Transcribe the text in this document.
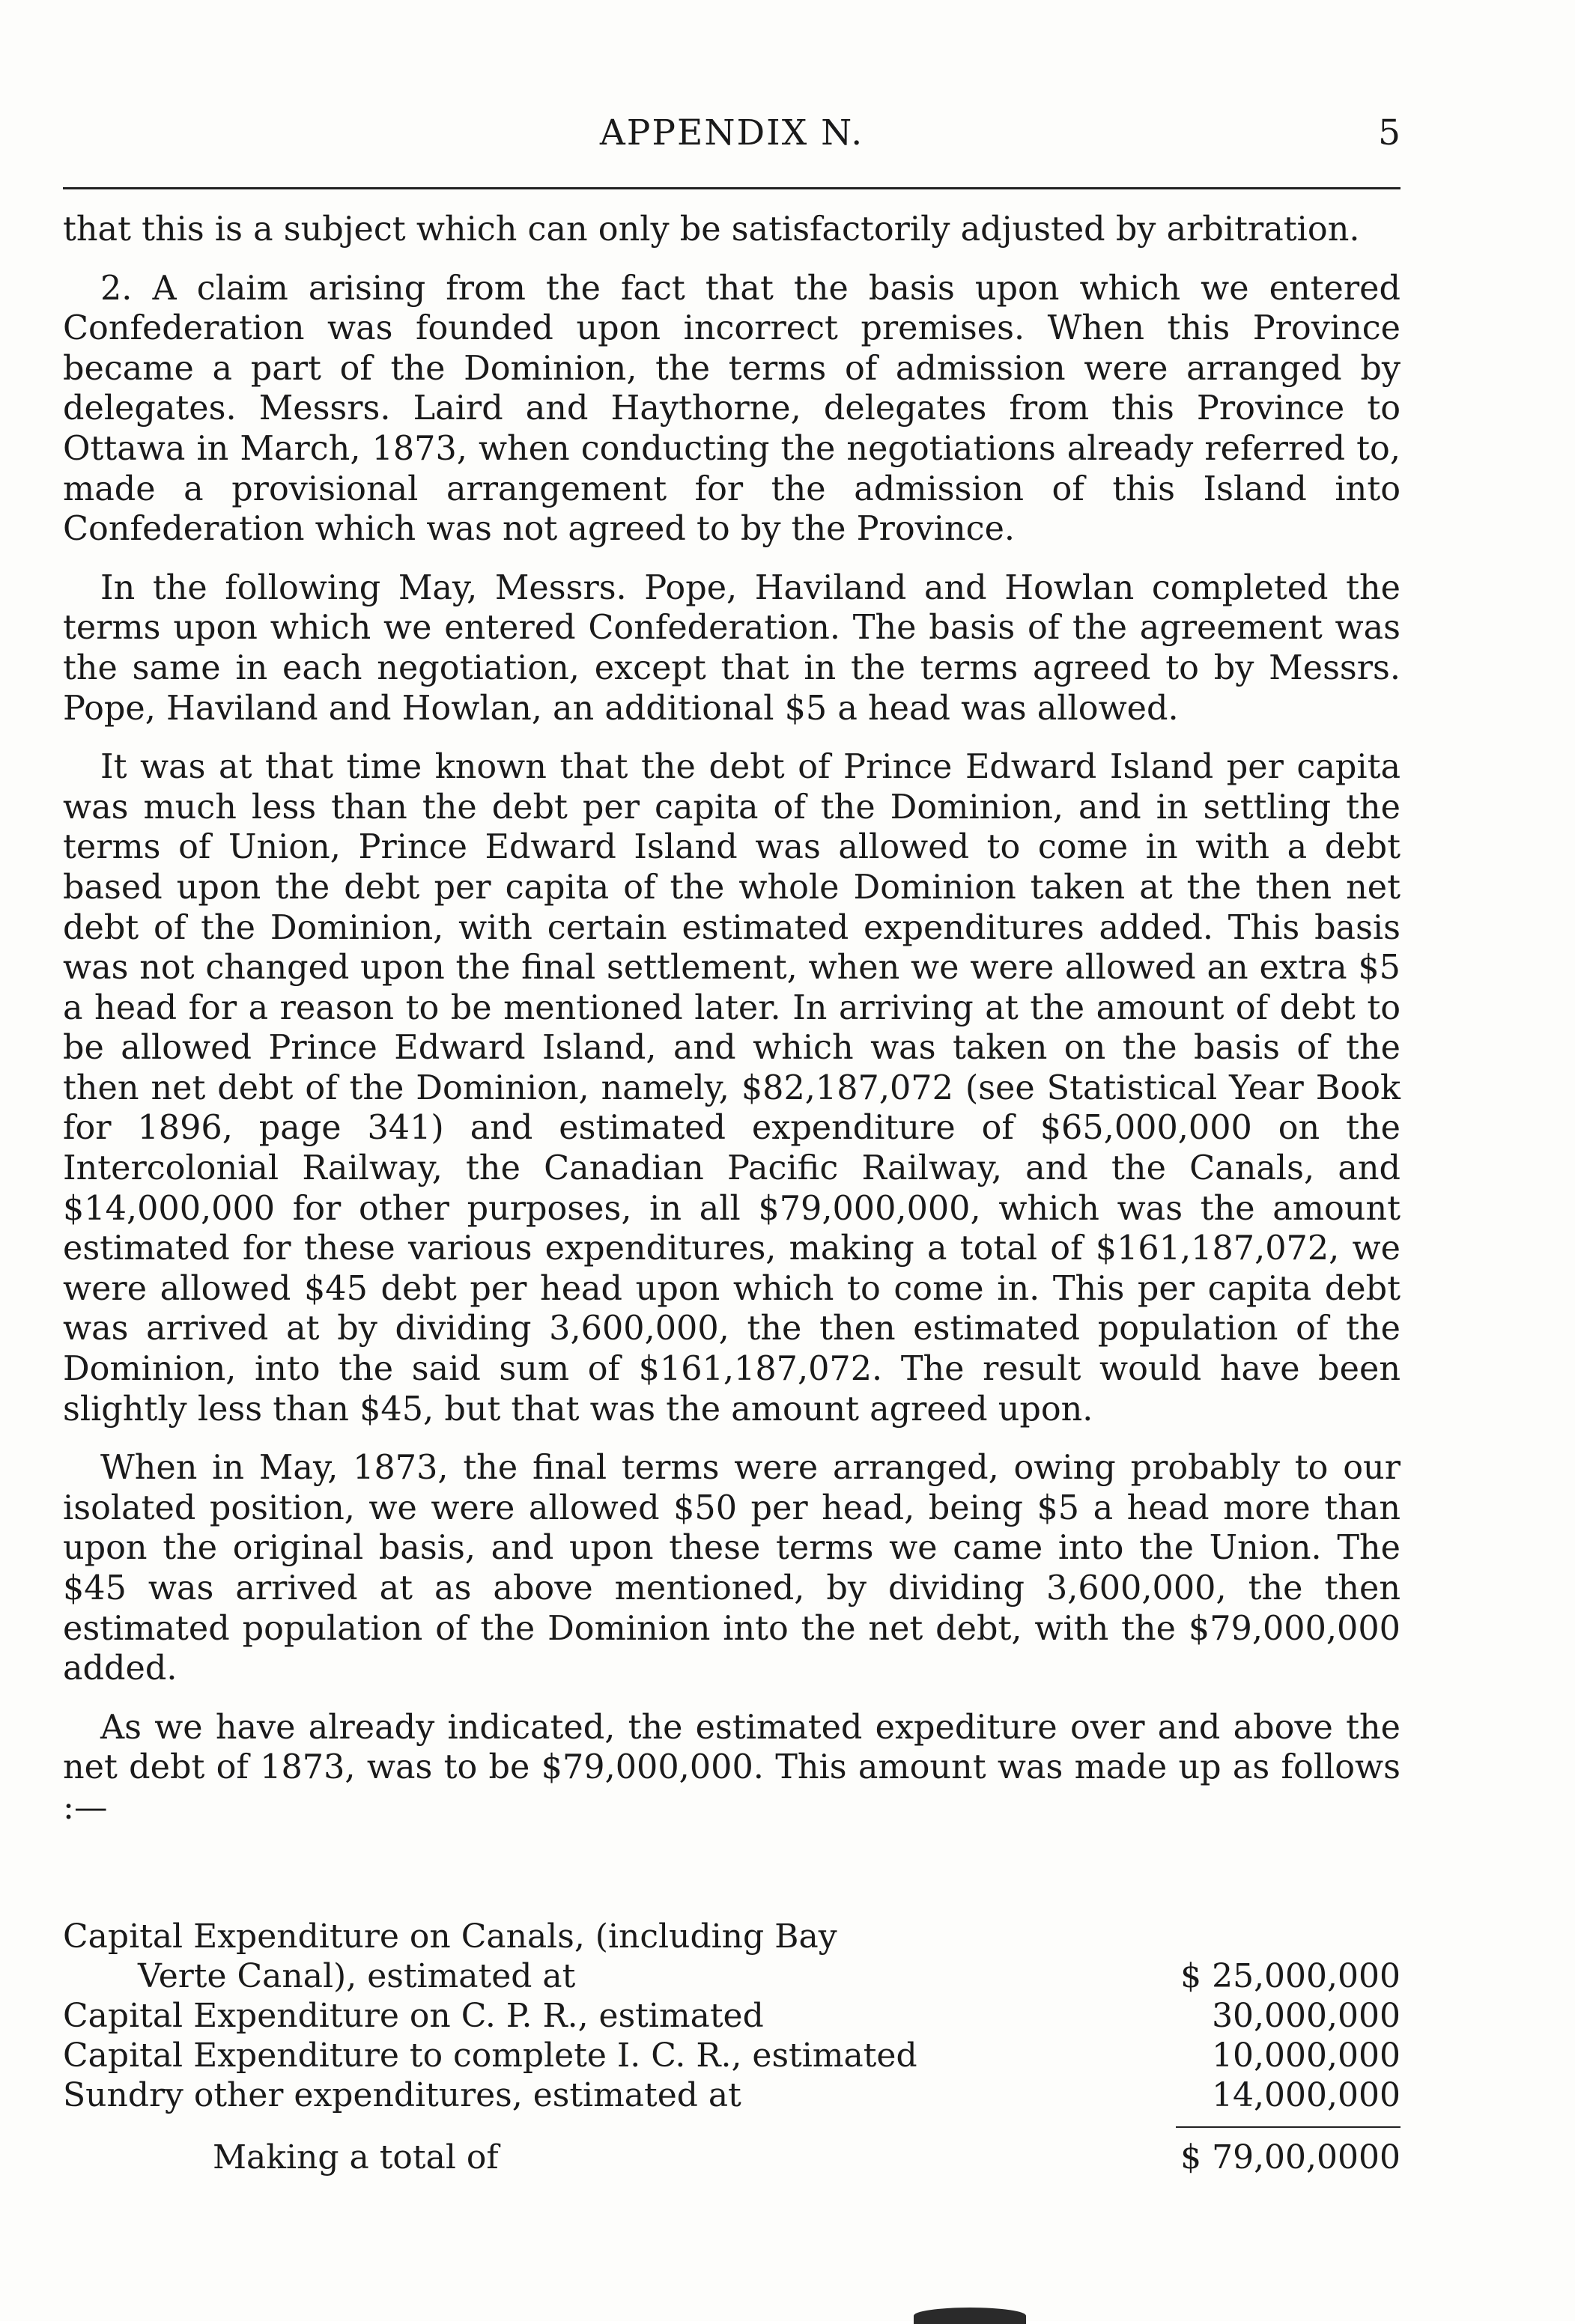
APPENDIX N.	5

that this is a subject which can only be satisfactorily adjusted by arbitration.

2. A claim arising from the fact that the basis upon which we entered Confederation was founded upon incorrect premises. When this Province became a part of the Dominion, the terms of admission were arranged by delegates. Messrs. Laird and Haythorne, delegates from this Province to Ottawa in March, 1873, when conducting the negotiations already referred to, made a provisional arrangement for the admission of this Island into Confederation which was not agreed to by the Province.

In the following May, Messrs. Pope, Haviland and Howlan completed the terms upon which we entered Confederation. The basis of the agreement was the same in each negotiation, except that in the terms agreed to by Messrs. Pope, Haviland and Howlan, an additional $5 a head was allowed.

It was at that time known that the debt of Prince Edward Island per capita was much less than the debt per capita of the Dominion, and in settling the terms of Union, Prince Edward Island was allowed to come in with a debt based upon the debt per capita of the whole Dominion taken at the then net debt of the Dominion, with certain estimated expenditures added. This basis was not changed upon the final settlement, when we were allowed an extra $5 a head for a reason to be mentioned later. In arriving at the amount of debt to be allowed Prince Edward Island, and which was taken on the basis of the then net debt of the Dominion, namely, $82,187,072 (see Statistical Year Book for 1896, page 341) and estimated expenditure of $65,000,000 on the Intercolonial Railway, the Canadian Pacific Railway, and the Canals, and $14,000,000 for other purposes, in all $79,000,000, which was the amount estimated for these various expenditures, making a total of $161,187,072, we were allowed $45 debt per head upon which to come in. This per capita debt was arrived at by dividing 3,600,000, the then estimated population of the Dominion, into the said sum of $161,187,072. The result would have been slightly less than $45, but that was the amount agreed upon.

When in May, 1873, the final terms were arranged, owing probably to our isolated position, we were allowed $50 per head, being $5 a head more than upon the original basis, and upon these terms we came into the Union. The $45 was arrived at as above mentioned, by dividing 3,600,000, the then estimated population of the Dominion into the net debt, with the $79,000,000 added.

As we have already indicated, the estimated expediture over and above the net debt of 1873, was to be $79,000,000. This amount was made up as follows :—

Capital Expenditure on Canals, (including Bay
Verte Canal), estimated at	$ 25,000,000
Capital Expenditure on C. P. R., estimated	30,000,000
Capital Expenditure to complete I. C. R., estimated	10,000,000
Sundry other expenditures, estimated at	14,000,000
Making a total of	$ 79,00,0000
